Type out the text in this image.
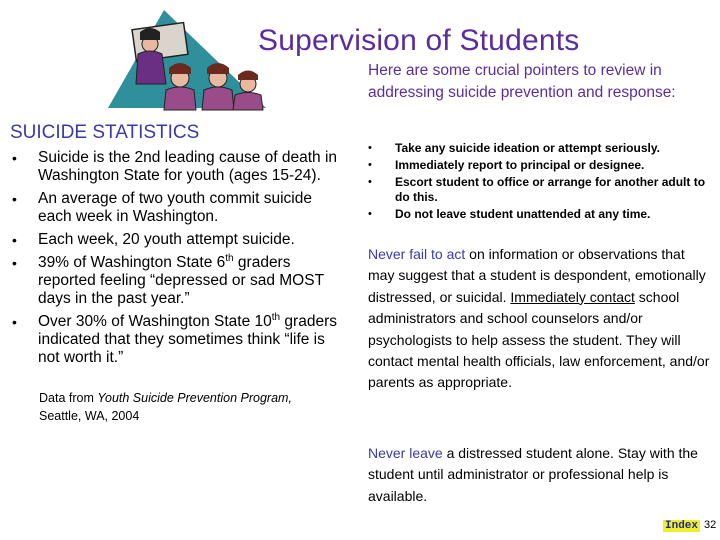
Supervision of Students
SUICIDE STATISTICS
• Suicide is the 2nd leading cause of death in Washington State for youth (ages 15-24).
• An average of two youth commit suicide each week in Washington.
• Each week, 20 youth attempt suicide.
• 39% of Washington State 6th graders reported feeling “depressed or sad MOST days in the past year.”
• Over 30% of Washington State 10th graders indicated that they sometimes think “life is not worth it.”
Data from Youth Suicide Prevention Program,
Seattle, WA, 2004
Here are some crucial pointers to review in addressing suicide prevention and response:
• Take any suicide ideation or attempt seriously.
• Immediately report to principal or designee.
• Escort student to office or arrange for another adult to do this.
• Do not leave student unattended at any time.
Never fail to act on information or observations that may suggest that a student is despondent, emotionally distressed, or suicidal. Immediately contact school administrators and school counselors and/or psychologists to help assess the student. They will contact mental health officials, law enforcement, and/or parents as appropriate.
Never leave a distressed student alone. Stay with the student until administrator or professional help is available.
Index 32
